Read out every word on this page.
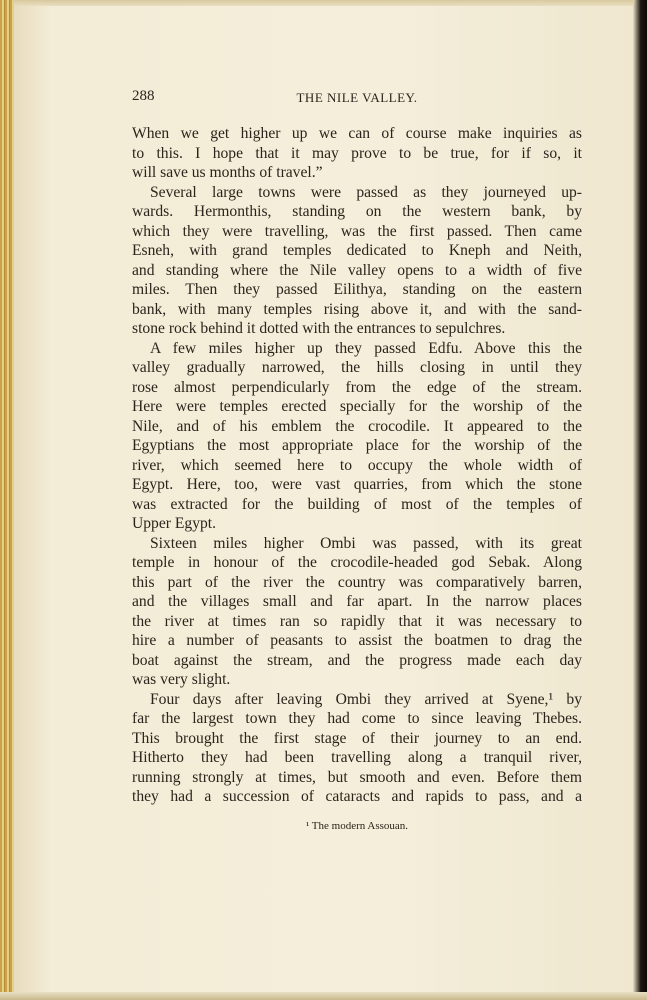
288	THE NILE VALLEY.
When we get higher up we can of course make inquiries as
to this. I hope that it may prove to be true, for if so, it
will save us months of travel.”
Several large towns were passed as they journeyed up-
wards. Hermonthis, standing on the western bank, by
which they were travelling, was the first passed. Then came
Esneh, with grand temples dedicated to Kneph and Neith,
and standing where the Nile valley opens to a width of five
miles. Then they passed Eilithya, standing on the eastern
bank, with many temples rising above it, and with the sand-
stone rock behind it dotted with the entrances to sepulchres.
A few miles higher up they passed Edfu. Above this the
valley gradually narrowed, the hills closing in until they
rose almost perpendicularly from the edge of the stream.
Here were temples erected specially for the worship of the
Nile, and of his emblem the crocodile. It appeared to the
Egyptians the most appropriate place for the worship of the
river, which seemed here to occupy the whole width of
Egypt. Here, too, were vast quarries, from which the stone
was extracted for the building of most of the temples of
Upper Egypt.
Sixteen miles higher Ombi was passed, with its great
temple in honour of the crocodile-headed god Sebak. Along
this part of the river the country was comparatively barren,
and the villages small and far apart. In the narrow places
the river at times ran so rapidly that it was necessary to
hire a number of peasants to assist the boatmen to drag the
boat against the stream, and the progress made each day
was very slight.
Four days after leaving Ombi they arrived at Syene,¹ by
far the largest town they had come to since leaving Thebes.
This brought the first stage of their journey to an end.
Hitherto they had been travelling along a tranquil river,
running strongly at times, but smooth and even. Before them
they had a succession of cataracts and rapids to pass, and a
¹ The modern Assouan.
